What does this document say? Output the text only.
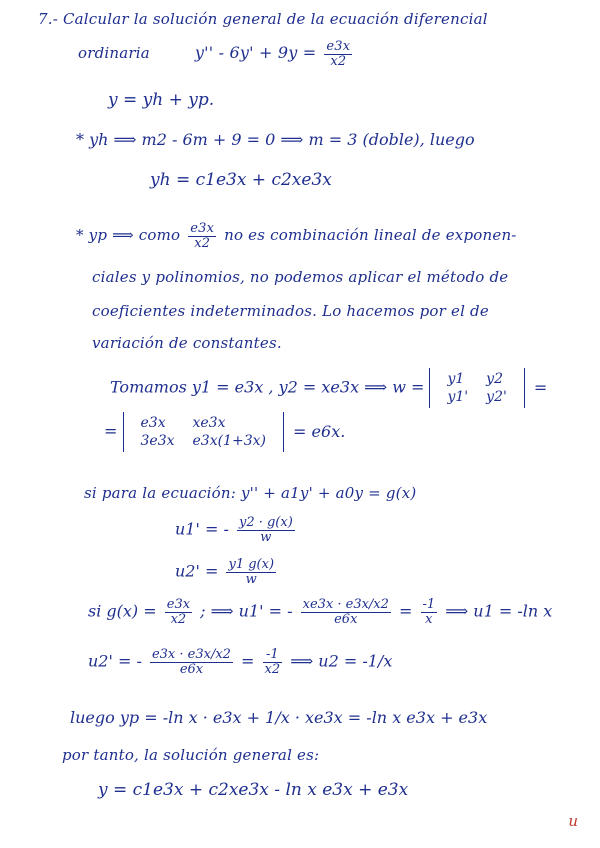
7.- Calcular la solución general de la ecuación diferencial
ordinaria	$y'' - 6y' + 9y = \frac{e3x}{x2}$
y = yh + yp.
* yh ⟹ m2 - 6m + 9 = 0 ⟹ m = 3 (doble), luego
yh = c1e3x + c2xe3x
* yp ⟹ como $\frac{e3x}{x2}$ no es combinación lineal de exponen-
ciales y polinomios, no podemos aplicar el método de
coeficientes indeterminados. Lo hacemos por el de
variación de constantes.
Tomamos y1 = e3x , y2 = xe3x ⟹ w = y1	y2
y1'	y2'
=
= e3x	xe3x
3e3x	e3x(1+3x)
= e6x.
si para la ecuación: y'' + a1y' + a0y = g(x)
u1' = - $\frac{y2 \cdot g(x)}{w}$
$u2' = \frac{y1 g(x)}{w}$
si $g(x) = \frac{e3x}{x2}$ ; ⟹ u1' = - $\frac{xe3x \cdot e3x/x2}{e6x} = \frac{-1}{x}$ ⟹ u1 = -ln x
u2' = - $\frac{e3x \cdot e3x/x2}{e6x} = \frac{-1}{x2}$ ⟹ u2 = -1/x
luego yp = -ln x · e3x + 1/x · xe3x = -ln x e3x + e3x
por tanto, la solución general es:
y = c1e3x + c2xe3x - ln x e3x + e3x
u
